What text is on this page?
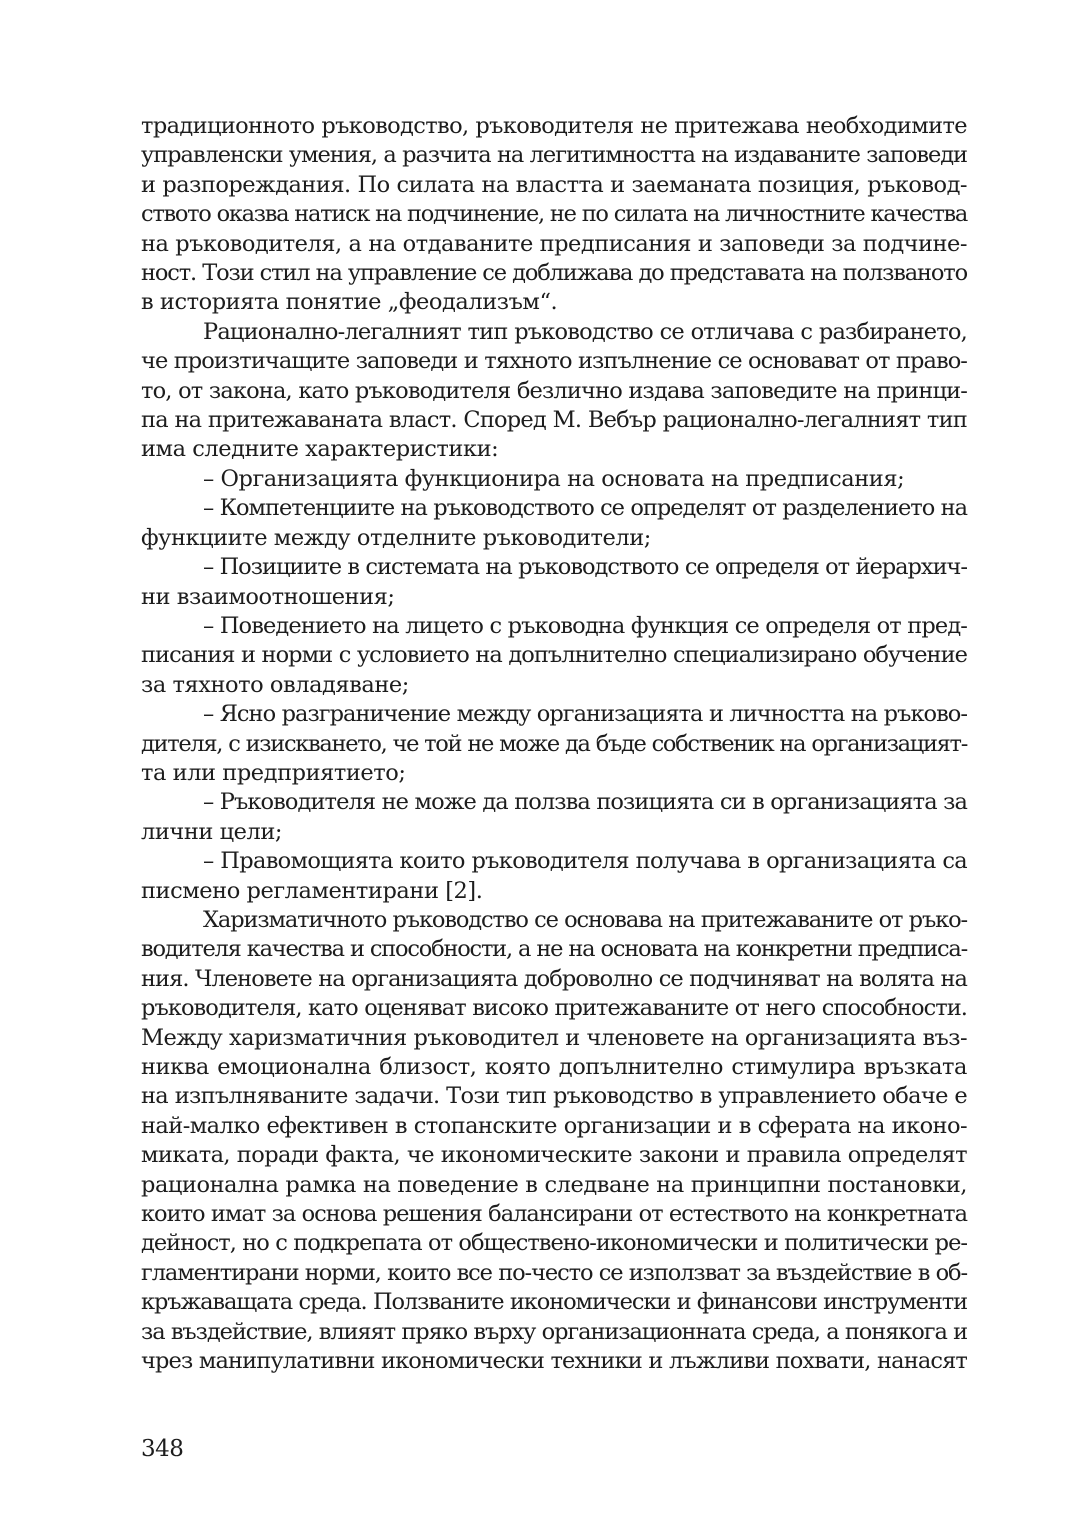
традиционното ръководство, ръководителя не притежава необходимите

управленски умения, а разчита на легитимността на издаваните заповеди

и разпореждания. По силата на властта и заеманата позиция, ръковод-

ството оказва натиск на подчинение, не по силата на личностните качества

на ръководителя, а на отдаваните предписания и заповеди за подчине-

ност. Този стил на управление се доближава до представата на ползваното

в историята понятие „феодализъм“.

Рационално-легалният тип ръководство се отличава с разбирането,

че произтичащите заповеди и тяхното изпълнение се основават от право-

то, от закона, като ръководителя безлично издава заповедите на принци-

па на притежаваната власт. Според М. Вебър рационално-легалният тип

има следните характеристики:

– Организацията функционира на основата на предписания;

– Компетенциите на ръководството се определят от разделението на

функциите между отделните ръководители;

– Позициите в системата на ръководството се определя от йерархич-

ни взаимоотношения;

– Поведението на лицето с ръководна функция се определя от пред-

писания и норми с условието на допълнително специализирано обучение

за тяхното овладяване;

– Ясно разграничение между организацията и личността на ръково-

дителя, с изискването, че той не може да бъде собственик на организацият-

та или предприятието;

– Ръководителя не може да ползва позицията си в организацията за

лични цели;

– Правомощията които ръководителя получава в организацията са

писмено регламентирани [2].

Харизматичното ръководство се основава на притежаваните от ръко-

водителя качества и способности, а не на основата на конкретни предписа-

ния. Членовете на организацията доброволно се подчиняват на волята на

ръководителя, като оценяват високо притежаваните от него способности.

Между харизматичния ръководител и членовете на организацията въз-

никва емоционална близост, която допълнително стимулира връзката

на изпълняваните задачи. Този тип ръководство в управлението обаче е

най-малко ефективен в стопанските организации и в сферата на иконо-

миката, поради факта, че икономическите закони и правила определят

рационална рамка на поведение в следване на принципни постановки,

които имат за основа решения балансирани от естеството на конкретната

дейност, но с подкрепата от обществено-икономически и политически ре-

гламентирани норми, които все по-често се използват за въздействие в об-

кръжаващата среда. Ползваните икономически и финансови инструменти

за въздействие, влияят пряко върху организационната среда, а понякога и

чрез манипулативни икономически техники и лъжливи похвати, нанасят

348
